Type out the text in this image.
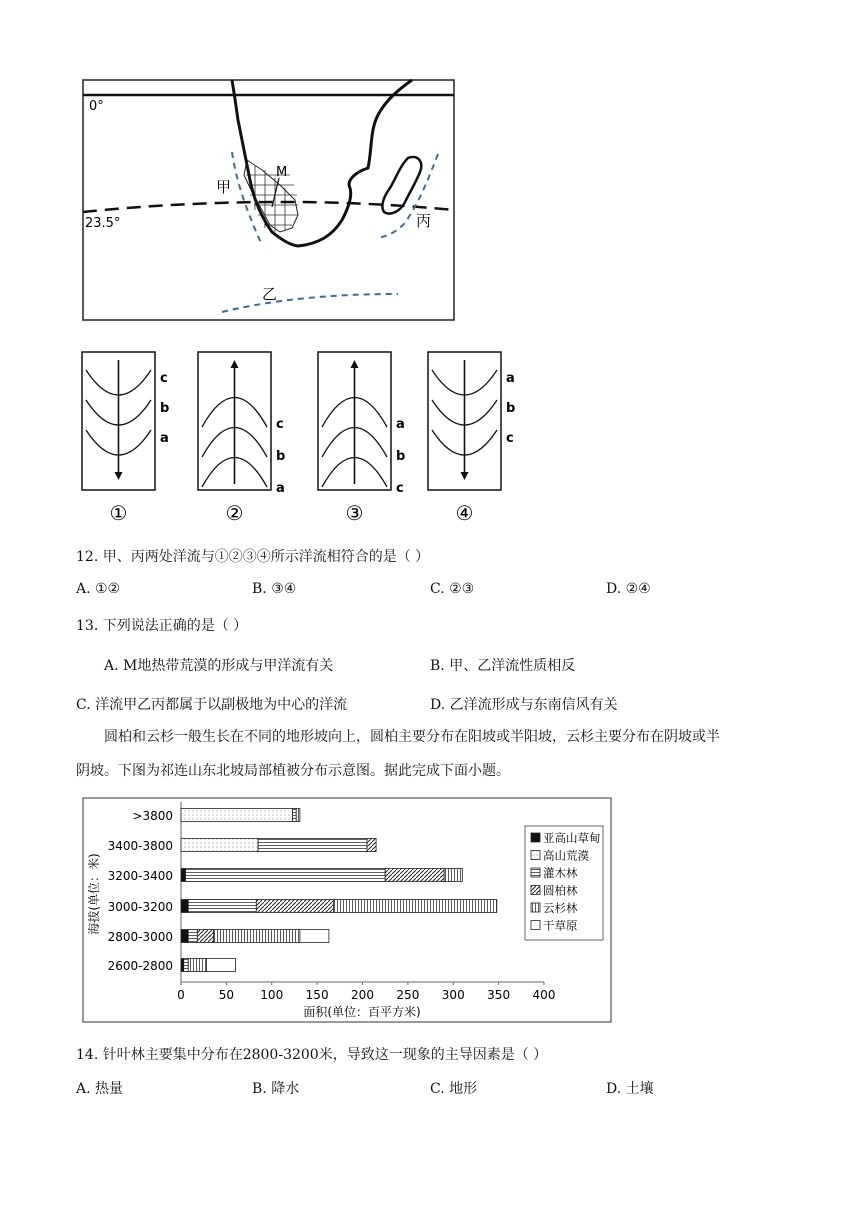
0°
23.5°
M
甲
丙
乙
c
b
a
①
c
b
a
②
a
b
c
③
a
b
c
④
12. 甲、丙两处洋流与①②③④所示洋流相符合的是（ ）
A. ①②	B. ③④	C. ②③	D. ②④
13. 下列说法正确的是（ ）
A. M地热带荒漠的形成与甲洋流有关	B. 甲、乙洋流性质相反
C. 洋流甲乙丙都属于以副极地为中心的洋流	D. 乙洋流形成与东南信风有关
圆柏和云杉一般生长在不同的地形坡向上，圆柏主要分布在阳坡或半阳坡，云杉主要分布在阴坡或半
阴坡。下图为祁连山东北坡局部植被分布示意图。据此完成下面小题。
>3800
3400-3800
3200-3400
3000-3200
2800-3000
2600-2800
0	50 100 150 200 250 300 350 400
面积(单位：百平方米)
海拔(单位：米)
亚高山草甸
高山荒漠
灌木林
圆柏林
云杉林
干草原
14. 针叶林主要集中分布在2800-3200米，导致这一现象的主导因素是（ ）
A. 热量	B. 降水	C. 地形	D. 土壤
